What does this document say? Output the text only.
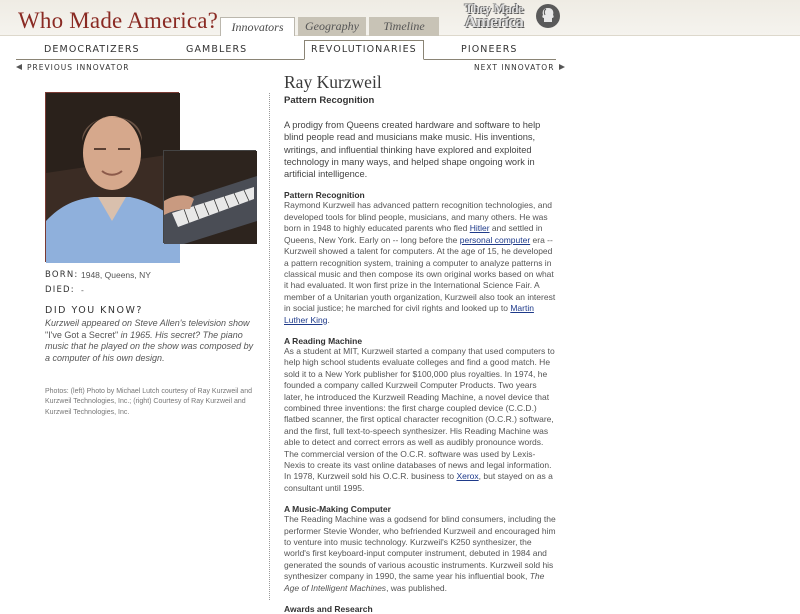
Who Made America?	Innovators	Geography	Timeline
They Made
America
DEMOCRATIZERS	GAMBLERS	REVOLUTIONARIES	PIONEERS
PREVIOUS INNOVATOR	NEXT INNOVATOR
BORN: 1948, Queens, NY
DIED: -
DID YOU KNOW?
Kurzweil appeared on Steve Allen's television show "I've Got a Secret" in 1965. His secret? The piano music that he played on the show was composed by a computer of his own design.
Photos: (left) Photo by Michael Lutch courtesy of Ray Kurzweil and Kurzweil Technologies, Inc.; (right) Courtesy of Ray Kurzweil and Kurzweil Technologies, Inc.
Ray Kurzweil
Pattern Recognition
A prodigy from Queens created hardware and software to help blind people read and musicians make music. His inventions, writings, and influential thinking have explored and exploited technology in many ways, and helped shape ongoing work in artificial intelligence.
Pattern Recognition
Raymond Kurzweil has advanced pattern recognition technologies, and developed tools for blind people, musicians, and many others. He was born in 1948 to highly educated parents who fled Hitler and settled in Queens, New York. Early on -- long before the personal computer era -- Kurzweil showed a talent for computers. At the age of 15, he developed a pattern recognition system, training a computer to analyze patterns in classical music and then compose its own original works based on what it had evaluated. It won first prize in the International Science Fair. A member of a Unitarian youth organization, Kurzweil also took an interest in social justice; he marched for civil rights and looked up to Martin Luther King.
A Reading Machine
As a student at MIT, Kurzweil started a company that used computers to help high school students evaluate colleges and find a good match. He sold it to a New York publisher for $100,000 plus royalties. In 1974, he founded a company called Kurzweil Computer Products. Two years later, he introduced the Kurzweil Reading Machine, a novel device that combined three inventions: the first charge coupled device (C.C.D.) flatbed scanner, the first optical character recognition (O.C.R.) software, and the first, full text-to-speech synthesizer. His Reading Machine was able to detect and correct errors as well as audibly pronounce words. The commercial version of the O.C.R. software was used by Lexis-Nexis to create its vast online databases of news and legal information. In 1978, Kurzweil sold his O.C.R. business to Xerox, but stayed on as a consultant until 1995.
A Music-Making Computer
The Reading Machine was a godsend for blind consumers, including the performer Stevie Wonder, who befriended Kurzweil and encouraged him to venture into music technology. Kurzweil's K250 synthesizer, the world's first keyboard-input computer instrument, debuted in 1984 and generated the sounds of various acoustic instruments. Kurzweil sold his synthesizer company in 1990, the same year his influential book, The Age of Intelligent Machines, was published.
Awards and Research
